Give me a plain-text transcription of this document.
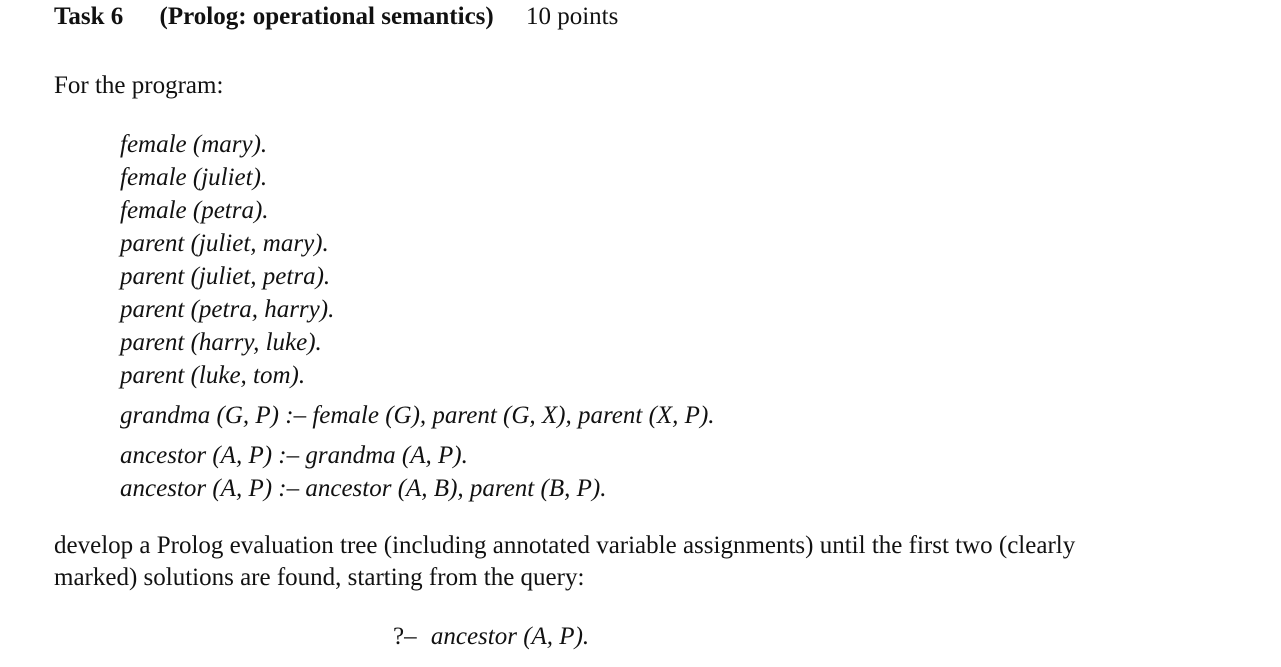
Task 6 (Prolog: operational semantics) 10 points
For the program:
female (mary).
female (juliet).
female (petra).
parent (juliet, mary).
parent (juliet, petra).
parent (petra, harry).
parent (harry, luke).
parent (luke, tom).
grandma (G, P) :– female (G), parent (G, X), parent (X, P).
ancestor (A, P) :– grandma (A, P).
ancestor (A, P) :– ancestor (A, B), parent (B, P).
develop a Prolog evaluation tree (including annotated variable assignments) until the first two (clearly
marked) solutions are found, starting from the query:
?– ancestor (A, P).
